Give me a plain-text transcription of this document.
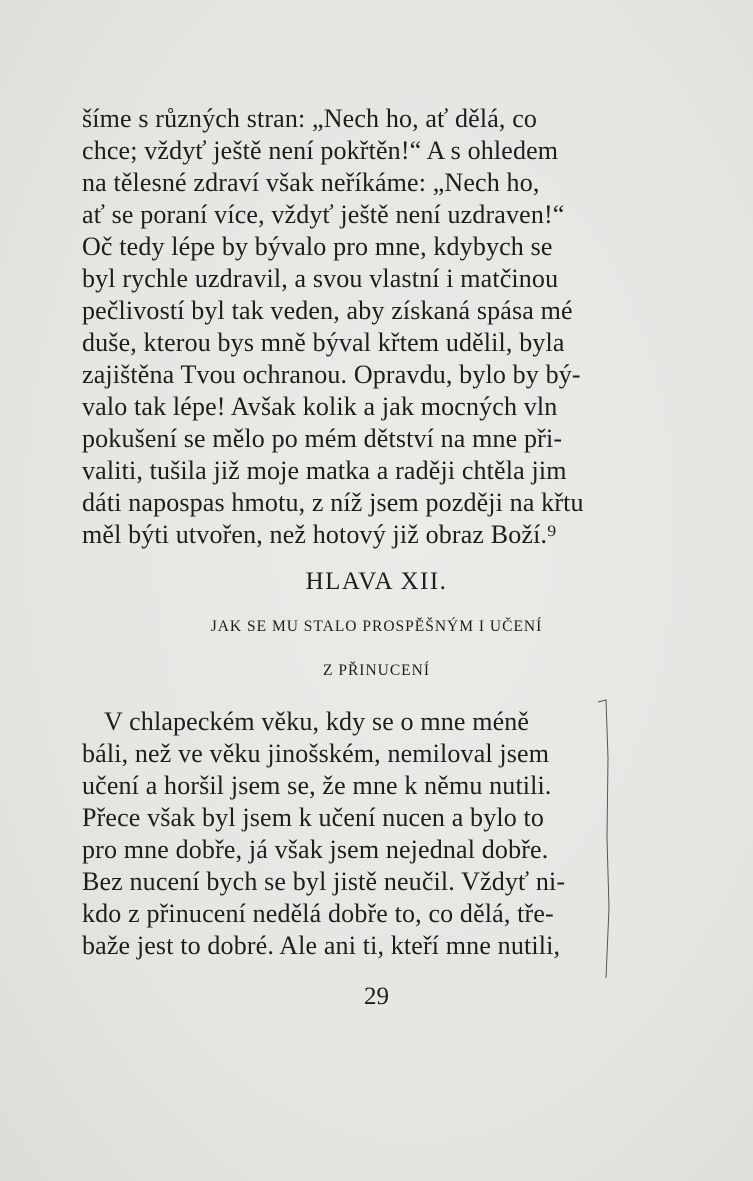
šíme s různých stran: „Nech ho, ať dělá, co
chce; vždyť ještě není pokřtěn!“ A s ohledem
na tělesné zdraví však neříkáme: „Nech ho,
ať se poraní více, vždyť ještě není uzdraven!“
Oč tedy lépe by bývalo pro mne, kdybych se
byl rychle uzdravil, a svou vlastní i matčinou
pečlivostí byl tak veden, aby získaná spása mé
duše, kterou bys mně býval křtem udělil, byla
zajištěna Tvou ochranou. Opravdu, bylo by bý-
valo tak lépe! Avšak kolik a jak mocných vln
pokušení se mělo po mém dětství na mne při-
valiti, tušila již moje matka a raději chtěla jim
dáti napospas hmotu, z níž jsem později na křtu
měl býti utvořen, než hotový již obraz Boží.⁹
HLAVA XII.
JAK SE MU STALO PROSPĚŠNÝM I UČENÍ
Z PŘINUCENÍ
V chlapeckém věku, kdy se o mne méně
báli, než ve věku jinošském, nemiloval jsem
učení a horšil jsem se, že mne k němu nutili.
Přece však byl jsem k učení nucen a bylo to
pro mne dobře, já však jsem nejednal dobře.
Bez nucení bych se byl jistě neučil. Vždyť ni-
kdo z přinucení nedělá dobře to, co dělá, tře-
baže jest to dobré. Ale ani ti, kteří mne nutili,
29
